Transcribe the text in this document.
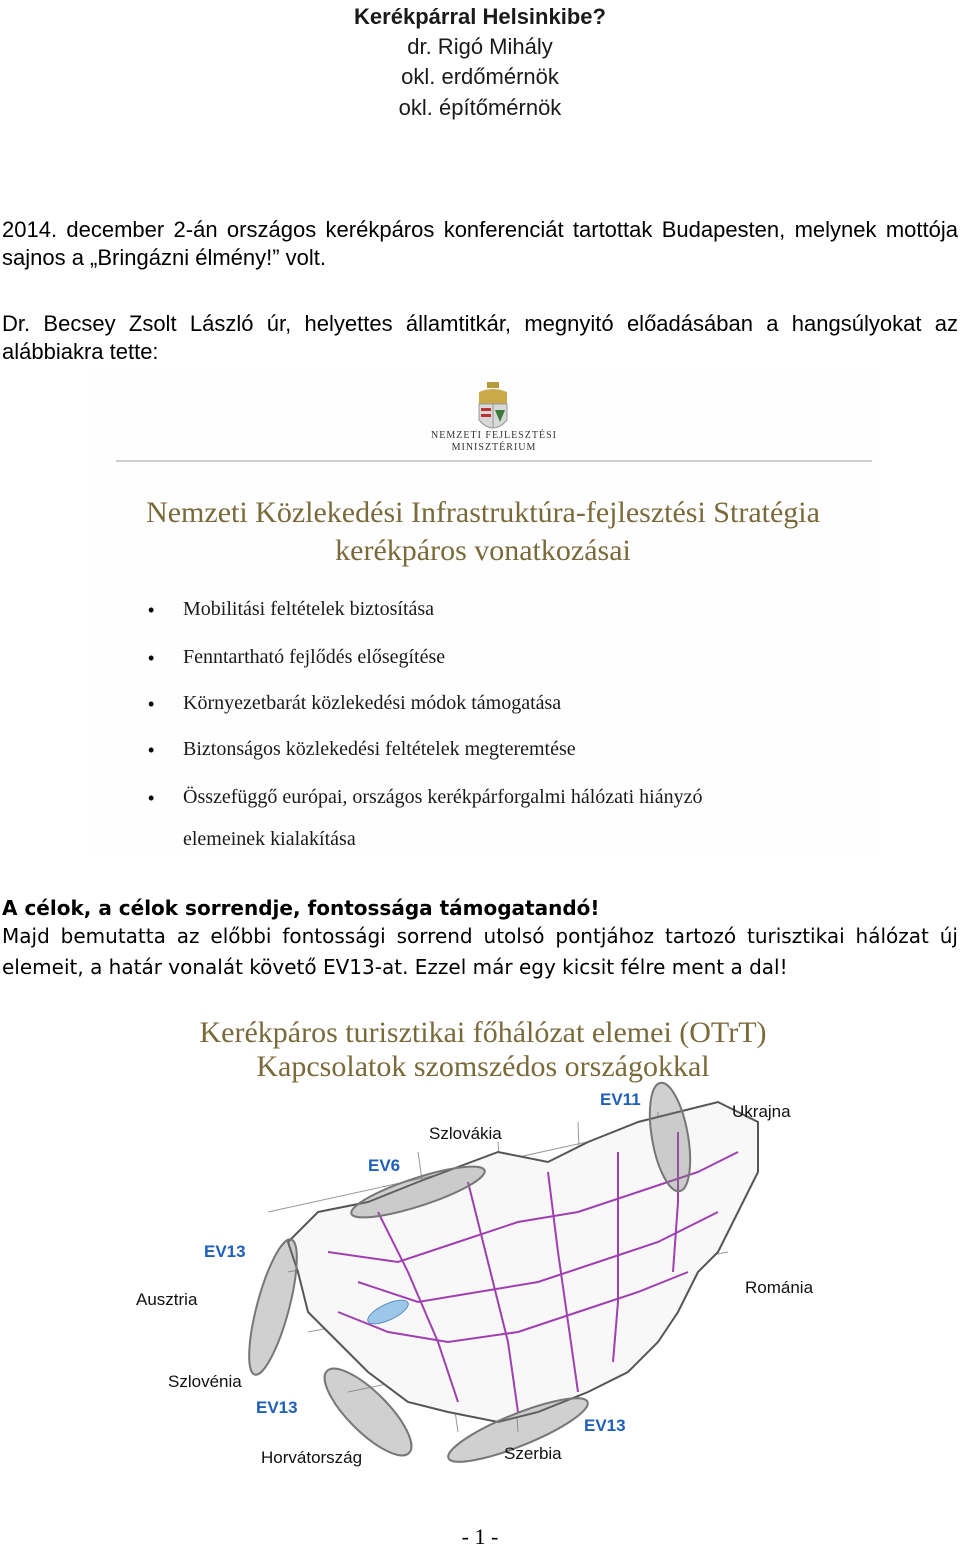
Kerékpárral Helsinkibe?
dr. Rigó Mihály
okl. erdőmérnök
okl. építőmérnök
2014. december 2-án országos kerékpáros konferenciát tartottak Budapesten, melynek mottója sajnos a „Bringázni élmény!” volt.
Dr. Becsey Zsolt László úr, helyettes államtitkár, megnyitó előadásában a hangsúlyokat az alábbiakra tette:
NEMZETI FEJLESZTÉSI
MINISZTÉRIUM
Nemzeti Közlekedési Infrastruktúra-fejlesztési Stratégia
kerékpáros vonatkozásai
• Mobilitási feltételek biztosítása
• Fenntartható fejlődés elősegítése
• Környezetbarát közlekedési módok támogatása
• Biztonságos közlekedési feltételek megteremtése
• Összefüggő európai, országos kerékpárforgalmi hálózati hiányzó
elemeinek kialakítása
A célok, a célok sorrendje, fontossága támogatandó!
Majd bemutatta az előbbi fontossági sorrend utolsó pontjához tartozó turisztikai hálózat új elemeit, a határ vonalát követő EV13-at. Ezzel már egy kicsit félre ment a dal!
Kerékpáros turisztikai főhálózat elemei (OTrT)
Kapcsolatok szomszédos országokkal
Szlovákia
Ukrajna
Ausztria
Románia
Szlovénia
Horvátország	Szerbia
EV11
EV6
EV13
EV13
EV13
- 1 -
